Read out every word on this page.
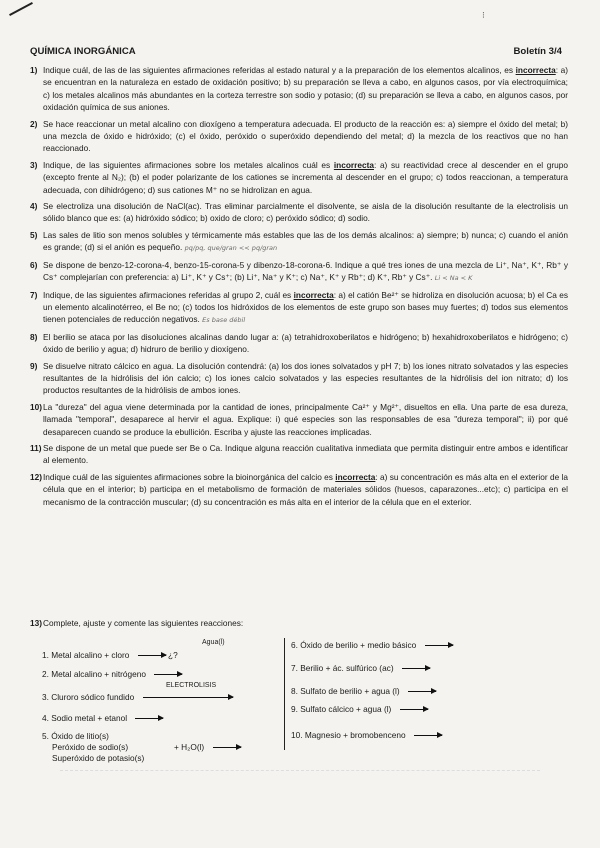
⁝
QUÍMICA INORGÁNICA	Boletín 3/4
1) Indique cuál, de las de las siguientes afirmaciones referidas al estado natural y a la preparación de los elementos alcalinos, es incorrecta: a) se encuentran en la naturaleza en estado de oxidación positivo; b) su preparación se lleva a cabo, en algunos casos, por vía electroquímica; c) los metales alcalinos más abundantes en la corteza terrestre son sodio y potasio; (d) su preparación se lleva a cabo, en algunos casos, por oxidación química de sus aniones.
2) Se hace reaccionar un metal alcalino con dioxígeno a temperatura adecuada. El producto de la reacción es: a) siempre el óxido del metal; b) una mezcla de óxido e hidróxido; (c) el óxido, peróxido o superóxido dependiendo del metal; d) la mezcla de los reactivos que no han reaccionado.
3) Indique, de las siguientes afirmaciones sobre los metales alcalinos cuál es incorrecta: a) su reactividad crece al descender en el grupo (excepto frente al N₂); (b) el poder polarizante de los cationes se incrementa al descender en el grupo; c) todos reaccionan, a temperatura adecuada, con dihidrógeno; d) sus cationes M⁺ no se hidrolizan en agua.
4) Se electroliza una disolución de NaCl(ac). Tras eliminar parcialmente el disolvente, se aisla de la disolución resultante de la electrolisis un sólido blanco que es: (a) hidróxido sódico; b) oxido de cloro; c) peróxido sódico; d) sodio.
5) Las sales de litio son menos solubles y térmicamente más estables que las de los demás alcalinos: a) siempre; b) nunca; c) cuando el anión es grande; (d) si el anión es pequeño. pq/pq, que/gran << pq/gran
6) Se dispone de benzo-12-corona-4, benzo-15-corona-5 y dibenzo-18-corona-6. Indique a qué tres iones de una mezcla de Li⁺, Na⁺, K⁺, Rb⁺ y Cs⁺ complejarían con preferencia: a) Li⁺, K⁺ y Cs⁺; (b) Li⁺, Na⁺ y K⁺; c) Na⁺, K⁺ y Rb⁺; d) K⁺, Rb⁺ y Cs⁺. Li < Na < K
7) Indique, de las siguientes afirmaciones referidas al grupo 2, cuál es incorrecta: a) el catión Be²⁺ se hidroliza en disolución acuosa; b) el Ca es un elemento alcalinotérreo, el Be no; (c) todos los hidróxidos de los elementos de este grupo son bases muy fuertes; d) todos sus elementos tienen potenciales de reducción negativos. Es base débil
8) El berilio se ataca por las disoluciones alcalinas dando lugar a: (a) tetrahidroxoberilatos e hidrógeno; b) hexahidroxoberilatos e hidrógeno; c) óxido de berilio y agua; d) hidruro de berilio y dioxígeno.
9) Se disuelve nitrato cálcico en agua. La disolución contendrá: (a) los dos iones solvatados y pH 7; b) los iones nitrato solvatados y las especies resultantes de la hidrólisis del ión calcio; c) los iones calcio solvatados y las especies resultantes de la hidrólisis del ion nitrato; d) los productos resultantes de la hidrólisis de ambos iones.
10) La "dureza" del agua viene determinada por la cantidad de iones, principalmente Ca²⁺ y Mg²⁺, disueltos en ella. Una parte de esa dureza, llamada "temporal", desaparece al hervir el agua. Explique: i) qué especies son las responsables de esa "dureza temporal"; ii) por qué desaparecen cuando se produce la ebullición. Escriba y ajuste las reacciones implicadas.
11) Se dispone de un metal que puede ser Be o Ca. Indique alguna reacción cualitativa inmediata que permita distinguir entre ambos e identificar al elemento.
12) Indique cuál de las siguientes afirmaciones sobre la bioinorgánica del calcio es incorrecta: a) su concentración es más alta en el exterior de la célula que en el interior; b) participa en el metabolismo de formación de materiales sólidos (huesos, caparazones...etc); c) participa en el mecanismo de la contracción muscular; (d) su concentración es más alta en el interior de la célula que en el exterior.
13) Complete, ajuste y comente las siguientes reacciones:
1. Metal alcalino + cloro	¿?
Agua(l)
2. Metal alcalino + nitrógeno
ELECTROLISIS
3. Cluroro sódico fundido
4. Sodio metal + etanol
5. Óxido de litio(s)
Peróxido de sodio(s)
Superóxido de potasio(s)
+ H₂O(l)
6. Óxido de berilio + medio básico
7. Berilio + ác. sulfúrico (ac)
8. Sulfato de berilio + agua (l)
9. Sulfato cálcico + agua (l)
10. Magnesio + bromobenceno
